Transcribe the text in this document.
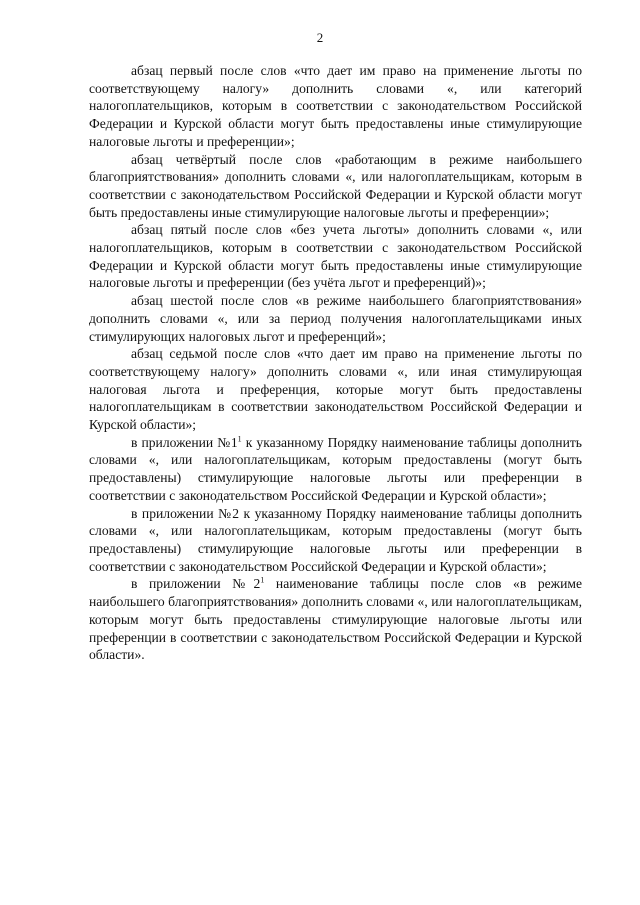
2

абзац первый после слов «что дает им право на применение льготы по соответствующему налогу» дополнить словами «, или категорий налогоплательщиков, которым в соответствии с законодательством Российской Федерации и Курской области могут быть предоставлены иные стимулирующие налоговые льготы и преференции»;

абзац четвёртый после слов «работающим в режиме наибольшего благоприятствования» дополнить словами «, или налогоплательщикам, которым в соответствии с законодательством Российской Федерации и Курской области могут быть предоставлены иные стимулирующие налоговые льготы и преференции»;

абзац пятый после слов «без учета льготы» дополнить словами «, или налогоплательщиков, которым в соответствии с законодательством Российской Федерации и Курской области могут быть предоставлены иные стимулирующие налоговые льготы и преференции (без учёта льгот и преференций)»;

абзац шестой после слов «в режиме наибольшего благоприятствования» дополнить словами «, или за период получения налогоплательщиками иных стимулирующих налоговых льгот и преференций»;

абзац седьмой после слов «что дает им право на применение льготы по соответствующему налогу» дополнить словами «, или иная стимулирующая налоговая льгота и преференция, которые могут быть предоставлены налогоплательщикам в соответствии законодательством Российской Федерации и Курской области»;

в приложении $№1^1$ к указанному Порядку наименование таблицы дополнить словами «, или налогоплательщикам, которым предоставлены (могут быть предоставлены) стимулирующие налоговые льготы или преференции в соответствии с законодательством Российской Федерации и Курской области»;

в приложении №2 к указанному Порядку наименование таблицы дополнить словами «, или налогоплательщикам, которым предоставлены (могут быть предоставлены) стимулирующие налоговые льготы или преференции в соответствии с законодательством Российской Федерации и Курской области»;

в приложении $№2^1$ наименование таблицы после слов «в режиме наибольшего благоприятствования» дополнить словами «, или налогоплательщикам, которым могут быть предоставлены стимулирующие налоговые льготы или преференции в соответствии с законодательством Российской Федерации и Курской области».
